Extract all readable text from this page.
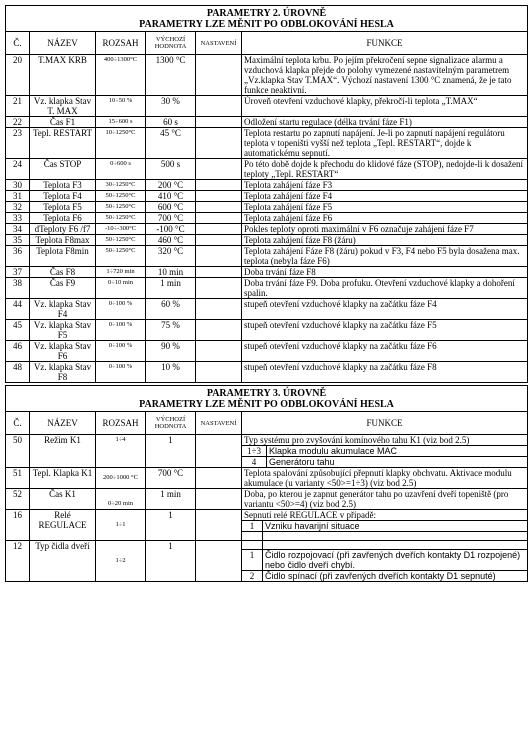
PARAMETRY 2. ÚROVNĚ
PARAMETRY LZE MĚNIT PO ODBLOKOVÁNÍ HESLA					

Č.	NÁZEV	ROZSAH	VÝCHOZÍ HODNOTA	NASTAVENÍ	FUNKCE
20	T.MAX KRB	400÷1300°C	1300 °C		Maximální teplota krbu. Po jejím překročení sepne signalizace alarmu a vzduchová klapka přejde do polohy vymezené nastavitelným parametrem „Vz.klapka Stav T.MAX“. Výchozí nastavení 1300 °C znamená, že je tato funkce neaktivní.
21	Vz. klapka Stav T. MAX	10÷50 %	30 %		Úroveň otevření vzduchové klapky, překročí-li teplota „T.MAX“
22	Čas F1	15÷600 s	60 s		Odložení startu regulace (délka trvání fáze F1)
23	Tepl. RESTART	10÷1250°C	45 °C		Teplota restartu po zapnutí napájení. Je-li po zapnutí napájení regulátoru teplota v topeništi vyšší než teplota „Tepl. RESTART“, dojde k automatickému sepnutí.
24	Čas STOP	0÷600 s	500 s		Po této době dojde k přechodu do klidové fáze (STOP), nedojde-li k dosažení teploty „Tepl. RESTART“
30	Teplota F3	30÷1250°C	200 °C		Teplota zahájení fáze F3
31	Teplota F4	50÷1250°C	410 °C		Teplota zahájení fáze F4
32	Teplota F5	50÷1250°C	600 °C		Teplota zahájení fáze F5
33	Teplota F6	50÷1250°C	700 °C		Teplota zahájení fáze F6
34	dTeploty F6 /f7	-10÷-300°C	-100 °C		Pokles teploty oproti maximální v F6 označuje zahájení fáze F7
35	Teplota F8max	50÷1250°C	460 °C		Teplota zahájení fáze F8 (žáru)
36	Teplota F8min	50÷1250°C	320 °C		Teplota zahájení Fáze F8 (žáru) pokud v F3, F4 nebo F5 byla dosažena max. teplota (nebyla fáze F6)
37	Čas F8	1÷720 min	10 min		Doba trvání fáze F8
38	Čas F9	0÷10 min	1 min		Doba trvání fáze F9. Doba profuku. Otevření vzduchové klapky a dohoření spalin.
44	Vz. klapka Stav F4	0÷100 %	60 %		stupeň otevření vzduchové klapky na začátku fáze F4
45	Vz. klapka Stav F5	0÷100 %	75 %		stupeň otevření vzduchové klapky na začátku fáze F5
46	Vz. klapka Stav F6	0÷100 %	90 %		stupeň otevření vzduchové klapky na začátku fáze F6
48	Vz. klapka Stav F8	0÷100 %	10 %		stupeň otevření vzduchové klapky na začátku fáze F8
PARAMETRY 3. ÚROVNĚ
PARAMETRY LZE MĚNIT PO ODBLOKOVÁNÍ HESLA

Č.	NÁZEV	ROZSAH	VÝCHOZÍ HODNOTA	NASTAVENÍ	FUNKCE
50	Režim K1	1÷4	1		Typ systému pro zvyšování komínového tahu K1 (viz bod 2.5)
1÷3	Klapka modulu akumulace MAC
4	Generátoru tahu

51	Tepl. Klapka K1	200÷1000 °C	700 °C		Teplota spalování způsobující přepnutí klapky obchvatu. Aktivace modulu akumulace (u varianty <50>=1÷3) (viz bod 2.5)
52	Čas K1	0÷20 min	1 min		Doba, po kterou je zapnut generátor tahu po uzavření dveří topeniště (pro variantu <50>=4) (viz bod 2.5)
16	Relé REGULACE	1÷1	1		Sepnutí relé REGULACE v případě:
1	Vzniku havarijní situace

12	Typ čidla dveří	1÷2	1		

1	Čidlo rozpojovací (při zavřených dveřích kontakty D1 rozpojené) nebo čidlo dveří chybí.
2	Čidlo spínací (při zavřených dveřích kontakty D1 sepnuté)
